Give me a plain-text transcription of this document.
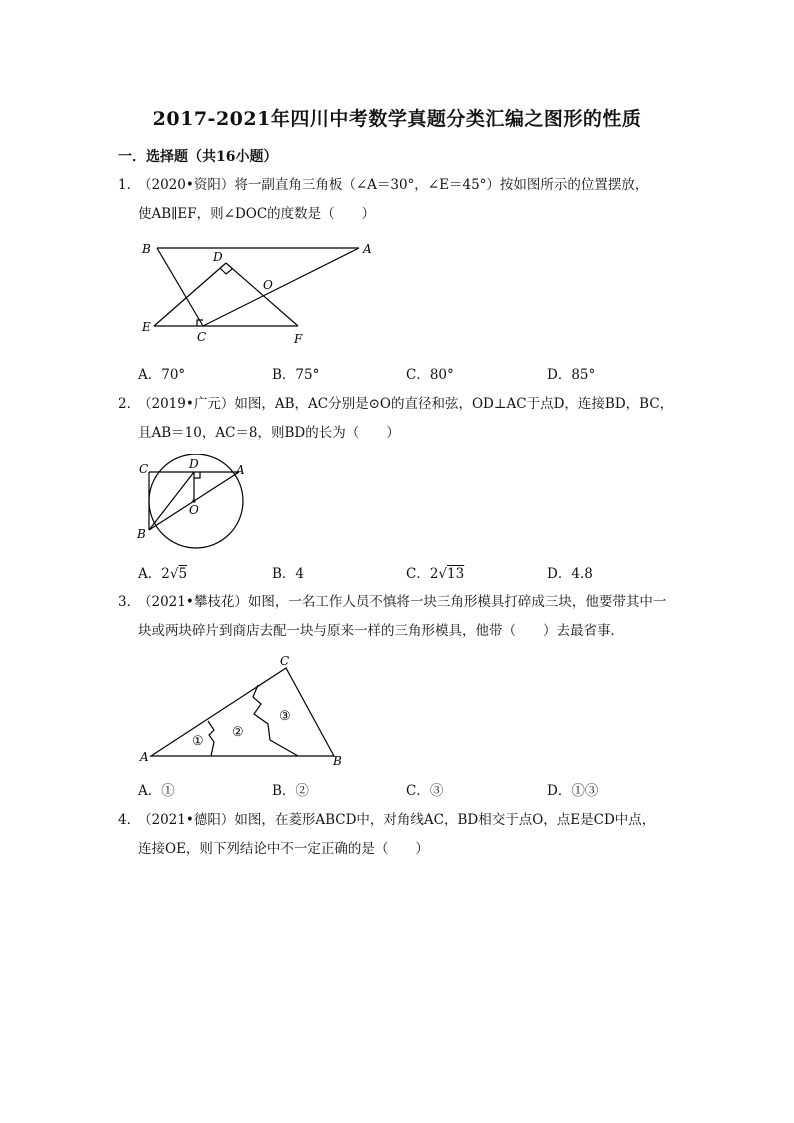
2017-2021年四川中考数学真题分类汇编之图形的性质
一．选择题（共16小题）
1．（2020•资阳）将一副直角三角板（∠A＝30°，∠E＝45°）按如图所示的位置摆放，
使AB∥EF，则∠DOC的度数是（　　）
B	A
D
O
E
C	F
A．70°	B．75°	C．80°	D．85°
2．（2019•广元）如图，AB，AC分别是⊙O的直径和弦，OD⊥AC于点D，连接BD，BC，
且AB＝10，AC＝8，则BD的长为（　　）
C	D	A
O
B
A．2√5	B．4	C．2√13	D．4.8
3．（2021•攀枝花）如图，一名工作人员不慎将一块三角形模具打碎成三块，他要带其中一
块或两块碎片到商店去配一块与原来一样的三角形模具，他带（　　）去最省事．
C
A	B
①
②
③
A．①	B．②	C．③	D．①③
4．（2021•德阳）如图，在菱形ABCD中，对角线AC，BD相交于点O，点E是CD中点，
连接OE，则下列结论中不一定正确的是（　　）
